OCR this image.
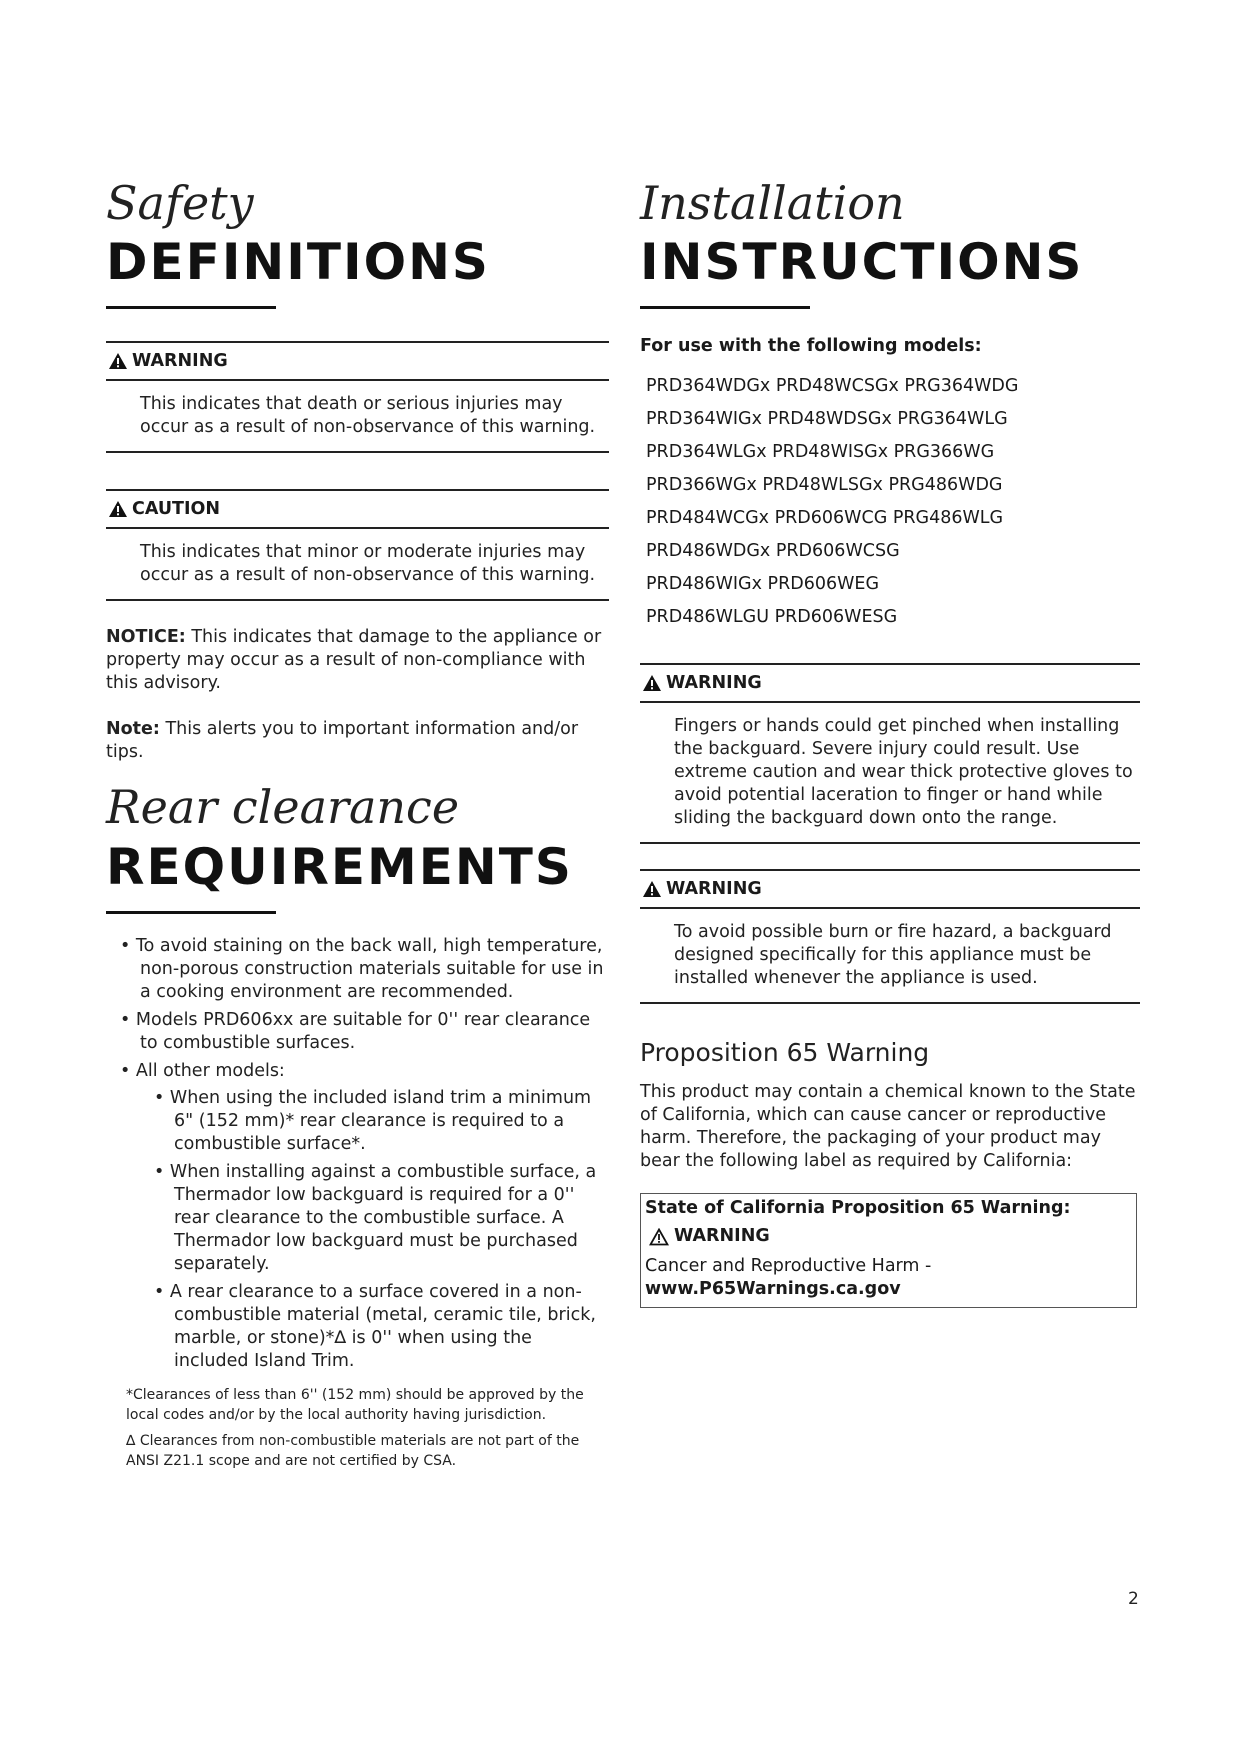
Safety
DEFINITIONS
WARNING
This indicates that death or serious injuries may occur as a result of non-observance of this warning.
CAUTION
This indicates that minor or moderate injuries may occur as a result of non-observance of this warning.

NOTICE: This indicates that damage to the appliance or property may occur as a result of non-compliance with this advisory.

Note: This alerts you to important information and/or tips.

Rear clearance
REQUIREMENTS
• To avoid staining on the back wall, high temperature, non-porous construction materials suitable for use in a cooking environment are recommended.
• Models PRD606xx are suitable for 0'' rear clearance to combustible surfaces.
• All other models:
• When using the included island trim a minimum 6" (152 mm)* rear clearance is required to a combustible surface*.
• When installing against a combustible surface, a Thermador low backguard is required for a 0'' rear clearance to the combustible surface. A Thermador low backguard must be purchased separately.
• A rear clearance to a surface covered in a non-combustible material (metal, ceramic tile, brick, marble, or stone)*∆ is 0'' when using the included Island Trim.

*Clearances of less than 6'' (152 mm) should be approved by the local codes and/or by the local authority having jurisdiction.

∆ Clearances from non-combustible materials are not part of the ANSI Z21.1 scope and are not certified by CSA.

Installation
INSTRUCTIONS
For use with the following models:
PRD364WDGx PRD48WCSGx PRG364WDG
PRD364WIGx PRD48WDSGx PRG364WLG
PRD364WLGx PRD48WISGx PRG366WG
PRD366WGx PRD48WLSGx PRG486WDG
PRD484WCGx PRD606WCG PRG486WLG
PRD486WDGx PRD606WCSG
PRD486WIGx PRD606WEG
PRD486WLGU PRD606WESG
WARNING
Fingers or hands could get pinched when installing the backguard. Severe injury could result. Use extreme caution and wear thick protective gloves to avoid potential laceration to finger or hand while sliding the backguard down onto the range.
WARNING
To avoid possible burn or fire hazard, a backguard designed specifically for this appliance must be installed whenever the appliance is used.
Proposition 65 Warning

This product may contain a chemical known to the State of California, which can cause cancer or reproductive harm. Therefore, the packaging of your product may bear the following label as required by California:

State of California Proposition 65 Warning:
WARNING
Cancer and Reproductive Harm -
www.P65Warnings.ca.gov
2
